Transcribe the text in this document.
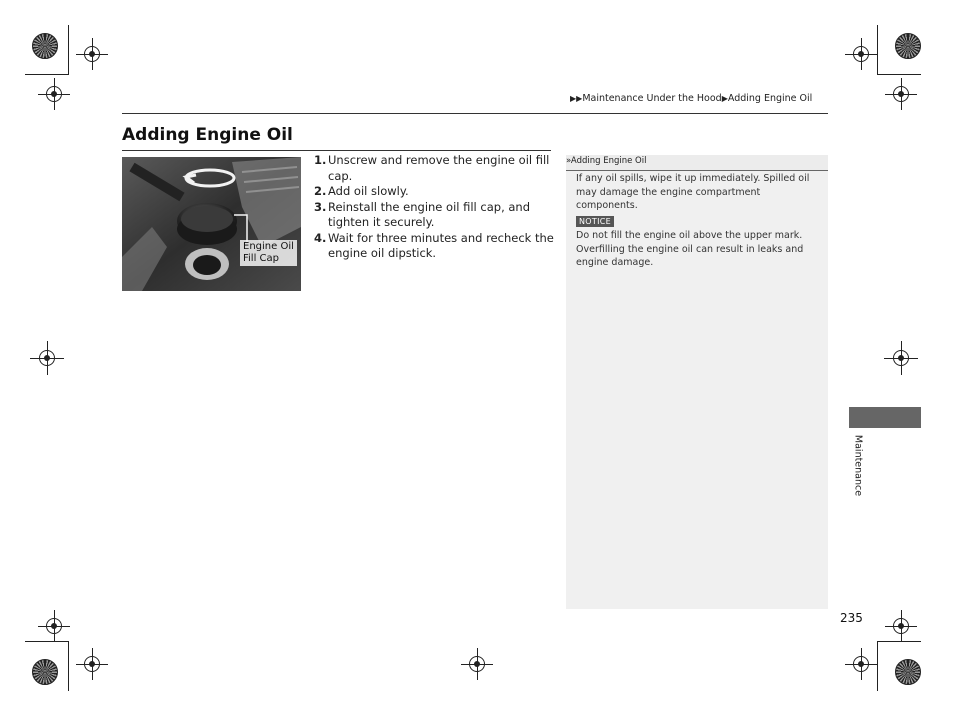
▶▶Maintenance Under the Hood▶Adding Engine Oil
Adding Engine Oil
Engine Oil
Fill Cap
1. Unscrew and remove the engine oil fill cap.
2. Add oil slowly.
3. Reinstall the engine oil fill cap, and tighten it securely.
4. Wait for three minutes and recheck the engine oil dipstick.
»Adding Engine Oil
If any oil spills, wipe it up immediately. Spilled oil may damage the engine compartment components.
NOTICE
Do not fill the engine oil above the upper mark. Overfilling the engine oil can result in leaks and engine damage.
Maintenance
235
